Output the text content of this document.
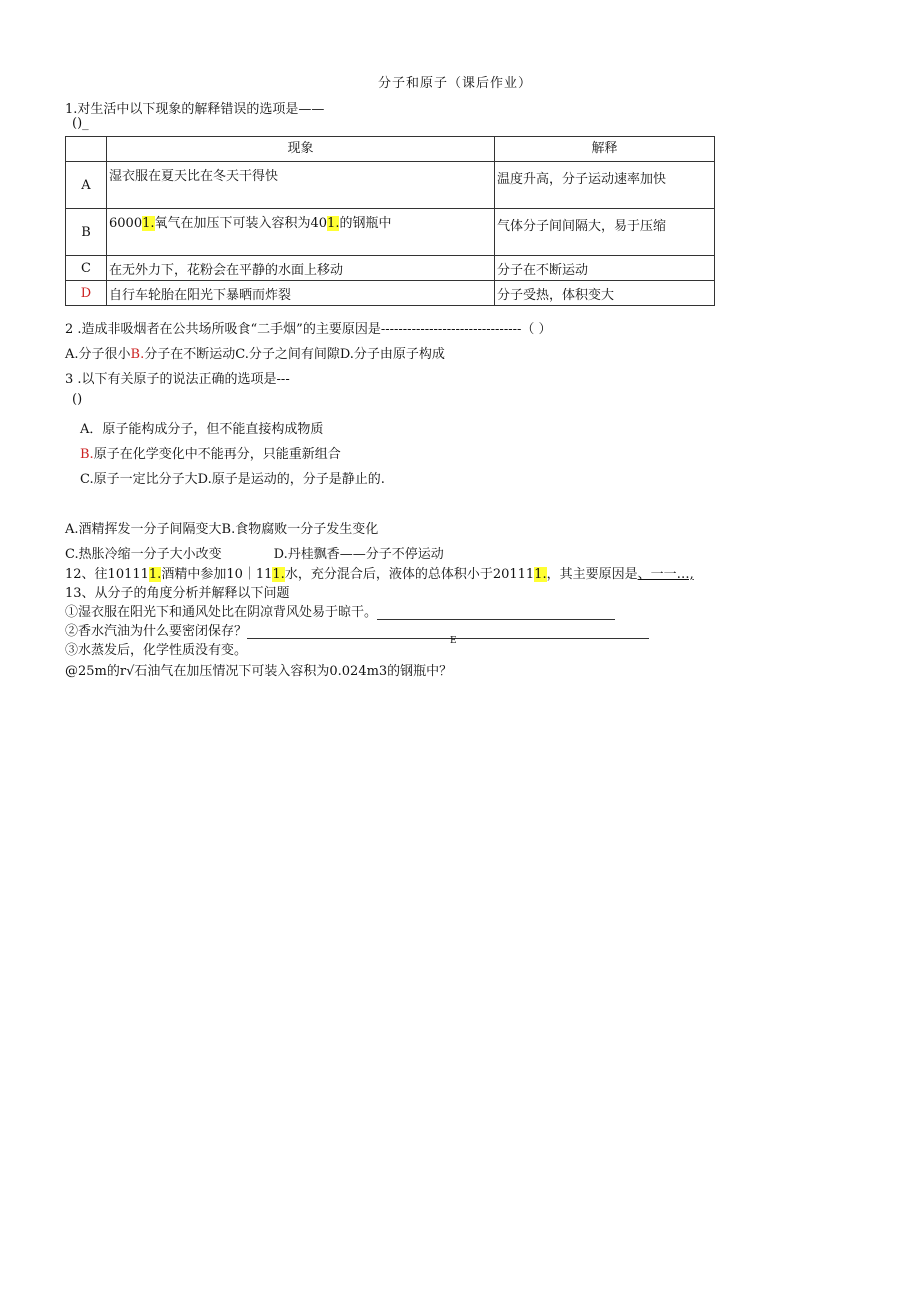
分子和原子（课后作业）
1.对生活中以下现象的解释错误的选项是——
()_
	现象	解释
A	湿衣服在夏天比在冬天干得快	温度升高，分子运动速率加快

B	60001.氧气在加压下可装入容积为401.的钢瓶中	气体分子间间隔大，易于压缩

C	在无外力下，花粉会在平静的水面上移动	分子在不断运动

D	自行车轮胎在阳光下暴晒而炸裂	分子受热，体积变大
2 .造成非吸烟者在公共场所吸食“二手烟”的主要原因是--------------------------------（ ）
A.分子很小B.分子在不断运动C.分子之间有间隙D.分子由原子构成
3 .以下有关原子的说法正确的选项是---
()
A．原子能构成分子，但不能直接构成物质
B.原子在化学变化中不能再分，只能重新组合
C.原子一定比分子大D.原子是运动的，分子是静止的.
A.酒精挥发一分子间隔变大B.食物腐败一分子发生变化
C.热胀冷缩一分子大小改变	D.丹桂飘香——分子不停运动
12、往101111.酒精中参加10｜111.水，充分混合后，液体的总体积小于201111.，其主要原因是、一一…,
13、从分子的角度分析并解释以下问题
①湿衣服在阳光下和通风处比在阴凉背风处易于晾干。
②香水汽油为什么要密闭保存？
③水蒸发后，化学性质没有变。
E
@25m的r√石油气在加压情况下可装入容积为0.024m3的钢瓶中？
